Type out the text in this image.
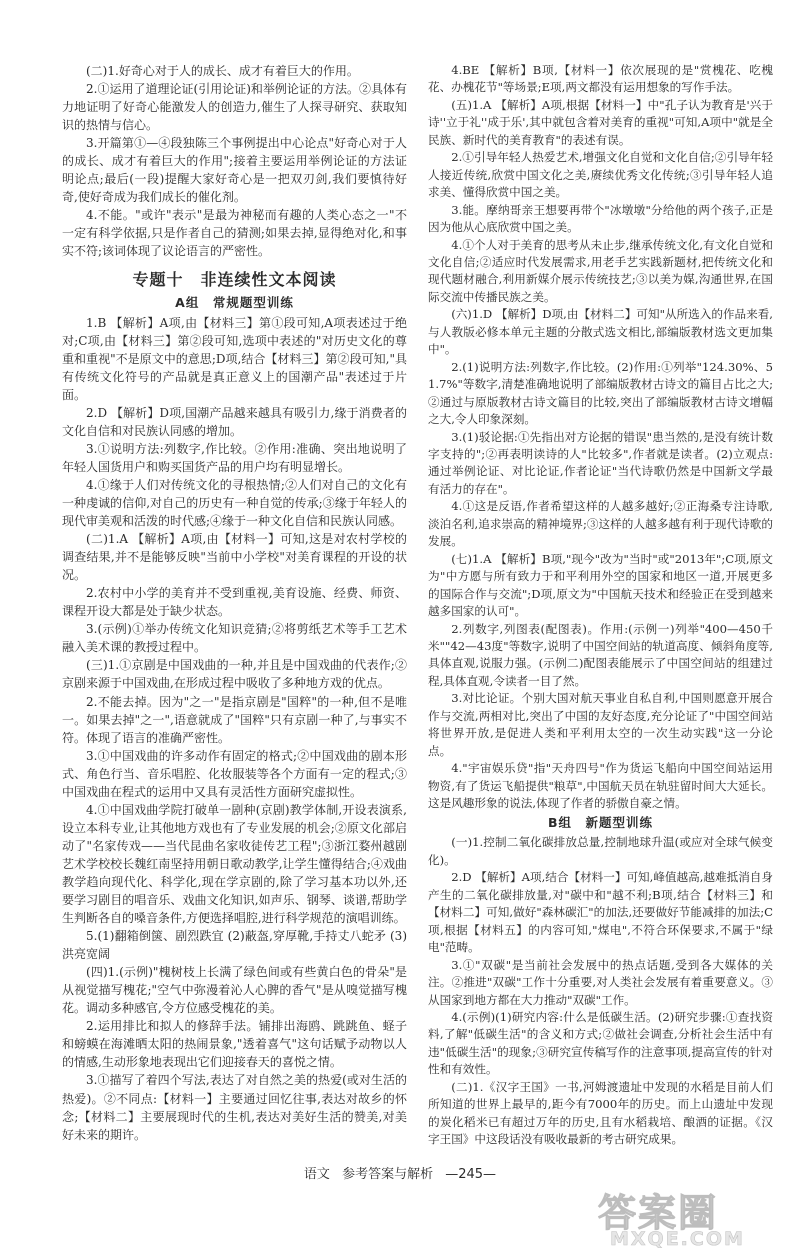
(二)1.好奇心对于人的成长、成才有着巨大的作用。

2.①运用了道理论证(引用论证)和举例论证的方法。②具体有力地证明了好奇心能激发人的创造力,催生了人探寻研究、获取知识的热情与信心。

3.开篇第①—④段独陈三个事例提出中心论点"好奇心对于人的成长、成才有着巨大的作用";接着主要运用举例论证的方法证明论点;最后(一段)提醒大家好奇心是一把双刃剑,我们要慎待好奇,使好奇成为我们成长的催化剂。

4.不能。"或许"表示"是最为神秘而有趣的人类心态之一"不一定有科学依据,只是作者自己的猜测;如果去掉,显得绝对化,和事实不符;该词体现了议论语言的严密性。

专题十　非连续性文本阅读
A组　常规题型训练

1.B 【解析】A项,由【材料三】第①段可知,A项表述过于绝对;C项,由【材料三】第②段可知,选项中表述的"对历史文化的尊重和重视"不是原文中的意思;D项,结合【材料三】第②段可知,"具有传统文化符号的产品就是真正意义上的国潮产品"表述过于片面。

2.D 【解析】D项,国潮产品越来越具有吸引力,缘于消费者的文化自信和对民族认同感的增加。

3.①说明方法:列数字,作比较。②作用:准确、突出地说明了年轻人国货用户和购买国货产品的用户均有明显增长。

4.①缘于人们对传统文化的寻根热情;②人们对自己的文化有一种虔诚的信仰,对自己的历史有一种自觉的传承;③缘于年轻人的现代审美观和活泼的时代感;④缘于一种文化自信和民族认同感。

(二)1.A 【解析】A项,由【材料一】可知,这是对农村学校的调查结果,并不是能够反映"当前中小学校"对美育课程的开设的状况。

2.农村中小学的美育并不受到重视,美育设施、经费、师资、课程开设大都是处于缺少状态。

3.(示例)①举办传统文化知识竞猜;②将剪纸艺术等手工艺术融入美术课的教授过程中。

(三)1.①京剧是中国戏曲的一种,并且是中国戏曲的代表作;②京剧来源于中国戏曲,在形成过程中吸收了多种地方戏的优点。

2.不能去掉。因为"之一"是指京剧是"国粹"的一种,但不是唯一。如果去掉"之一",语意就成了"国粹"只有京剧一种了,与事实不符。体现了语言的准确严密性。

3.①中国戏曲的许多动作有固定的格式;②中国戏曲的剧本形式、角色行当、音乐唱腔、化妆服装等各个方面有一定的程式;③中国戏曲在程式的运用中又具有灵活性方面研究虚拟性。

4.①中国戏曲学院打破单一剧种(京剧)教学体制,开设表演系,设立本科专业,让其他地方戏也有了专业发展的机会;②原文化部启动了"名家传戏——当代昆曲名家收徒传艺工程";③浙江婺州越剧艺术学校校长魏红南坚持用朝日歌动教学,让学生懂得结合;④戏曲教学趋向现代化、科学化,现在学京剧的,除了学习基本功以外,还要学习剧目的唱音乐、戏曲文化知识,如声乐、钢琴、谈谱,帮助学生判断各自的嗓音条件,方便选择唱腔,进行科学规范的演唱训练。

5.(1)翻箱倒箧、剧烈跌宜 (2)蔽盔,穿厚靴,手持丈八蛇矛 (3)洪亮宽阔

(四)1.(示例)"槐树枝上长满了绿色间或有些黄白色的骨朵"是从视觉描写槐花;"空气中弥漫着沁人心脾的香气"是从嗅觉描写槐花。调动多种感官,令方位感受槐花的美。

2.运用排比和拟人的修辞手法。铺排出海鸥、跳跳鱼、蛏子和螃蟆在海滩晒太阳的热闹景象,"透着喜气"这句话赋予动物以人的情感,生动形象地表现出它们迎接春天的喜悦之情。

3.①描写了着四个写法,表达了对自然之美的热爱(或对生活的热爱)。②不同点:【材料一】主要通过回忆往事,表达对故乡的怀念;【材料二】主要展现时代的生机,表达对美好生活的赞美,对美好未来的期许。

4.BE 【解析】B项,【材料一】依次展现的是"赏槐花、吃槐花、办槐花节"等场景;E项,两文都没有运用想象的写作手法。

(五)1.A 【解析】A项,根据【材料一】中"孔子认为教育是'兴于诗''立于礼''成于乐',其中就包含着对美育的重视"可知,A项中"就是全民族、新时代的美育教育"的表述有误。

2.①引导年轻人热爱艺术,增强文化自觉和文化自信;②引导年轻人接近传统,欣赏中国文化之美,赓续优秀文化传统;③引导年轻人追求美、懂得欣赏中国之美。

3.能。摩纳哥亲王想要再带个"冰墩墩"分给他的两个孩子,正是因为他从心底欣赏中国之美。

4.①个人对于美育的思考从未止步,继承传统文化,有文化自觉和文化自信;②适应时代发展需求,用老手艺实践新题材,把传统文化和现代题材融合,利用新媒介展示传统技艺;③以美为媒,沟通世界,在国际交流中传播民族之美。

(六)1.D 【解析】D项,由【材料二】可知"从所选入的作品来看,与人教版必修本单元主题的分散式选文相比,部编版教材选文更加集中"。

2.(1)说明方法:列数字,作比较。(2)作用:①列举"124.30%、51.7%"等数字,清楚准确地说明了部编版教材古诗文的篇目占比之大;②通过与原版教材古诗文篇目的比较,突出了部编版教材古诗文增幅之大,令人印象深刻。

3.(1)驳论据:①先指出对方论据的错误"患当然的,是没有统计数字支持的";②再表明读诗的人"比较多",作者就是读者。(2)立观点:通过举例论证、对比论证,作者论证"当代诗歌仍然是中国新文学最有活力的存在"。

4.①这是反语,作者希望这样的人越多越好;②正海桑专注诗歌,淡泊名利,追求崇高的精神境界;③这样的人越多越有利于现代诗歌的发展。

(七)1.A 【解析】B项,"现今"改为"当时"或"2013年";C项,原文为"中方愿与所有致力于和平利用外空的国家和地区一道,开展更多的国际合作与交流";D项,原文为"中国航天技术和经验正在受到越来越多国家的认可"。

2.列数字,列图表(配图表)。作用:(示例一)列举"400—450千米""42—43度"等数字,说明了中国空间站的轨道高度、倾斜角度等,具体直观,说服力强。(示例二)配图表能展示了中国空间站的组建过程,具体直观,令读者一目了然。

3.对比论证。个别大国对航天事业自私自利,中国则愿意开展合作与交流,两相对比,突出了中国的友好态度,充分论证了"中国空间站将世界开放,是促进人类和平利用太空的一次生动实践"这一分论点。

4."宇宙娱乐贷"指"天舟四号"作为货运飞船向中国空间站运用物资,有了货运飞船提供"粮草",中国航天员在轨驻留时间大大延长。这是风趣形象的说法,体现了作者的骄傲自豪之情。

B组　新题型训练

(一)1.控制二氧化碳排放总量,控制地球升温(或应对全球气候变化)。

2.D 【解析】A项,结合【材料一】可知,峰值越高,越难抵消自身产生的二氧化碳排放量,对"碳中和"越不利;B项,结合【材料三】和【材料二】可知,做好"森林碳汇"的加法,还要做好节能减排的加法;C项,根据【材料五】的内容可知,"煤电",不符合环保要求,不属于"绿电"范畴。

3.①"双碳"是当前社会发展中的热点话题,受到各大媒体的关注。②推进"双碳"工作十分重要,对人类社会发展有着重要意义。③从国家到地方都在大力推动"双碳"工作。

4.(示例)(1)研究内容:什么是低碳生活。(2)研究步骤:①查找资料,了解"低碳生活"的含义和方式;②做社会调查,分析社会生活中有违"低碳生活"的现象;③研究宣传稿写作的注意事项,提高宣传的针对性和有效性。

(二)1.《汉字王国》一书,河姆渡遗址中发现的水稻是目前人们所知道的世界上最早的,距今有7000年的历史。而上山遗址中发现的炭化稻米已有超过万年的历史,且有水稻栽培、酿酒的证据。《汉字王国》中这段话没有吸收最新的考古研究成果。

语文 参考答案与解析 —245—
答案圈
MXQE.COM
